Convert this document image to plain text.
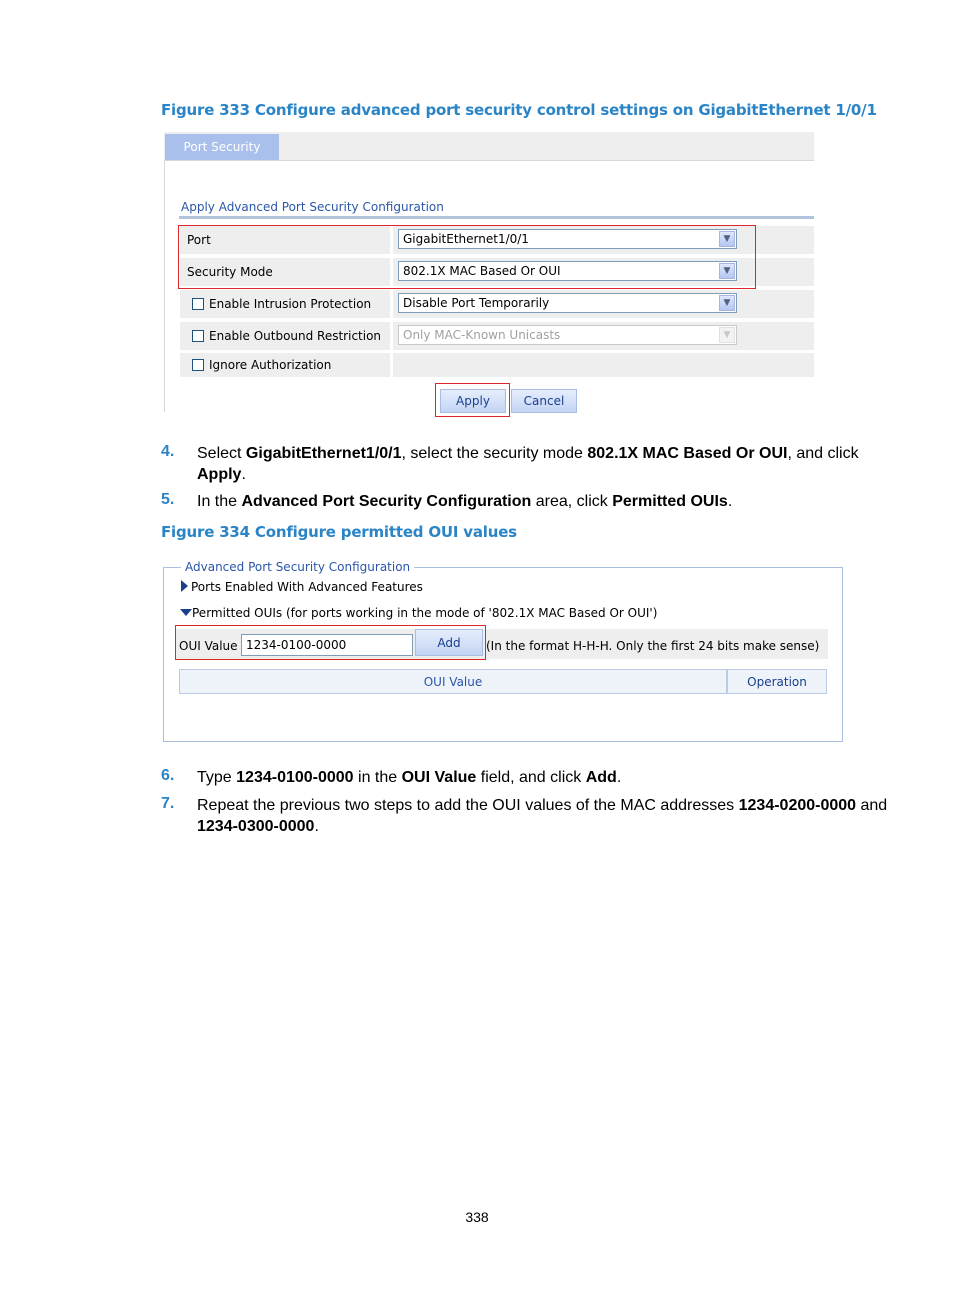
Figure 333 Configure advanced port security control settings on GigabitEthernet 1/0/1
Port Security
Apply Advanced Port Security Configuration
Port	GigabitEthernet1/0/1	▼
Security Mode	802.1X MAC Based Or OUI	▼
Enable Intrusion Protection	Disable Port Temporarily	▼
Enable Outbound Restriction	Only MAC-Known Unicasts	▼
Ignore Authorization
Apply	Cancel
4. Select GigabitEthernet1/0/1, select the security mode 802.1X MAC Based Or OUI, and click
Apply.
5. In the Advanced Port Security Configuration area, click Permitted OUIs.
Figure 334 Configure permitted OUI values
Advanced Port Security Configuration
Ports Enabled With Advanced Features
Permitted OUIs (for ports working in the mode of '802.1X MAC Based Or OUI')
OUI Value 1234-0100-0000	Add	(In the format H-H-H. Only the first 24 bits make sense)
OUI Value	Operation
6. Type 1234-0100-0000 in the OUI Value field, and click Add.
7. Repeat the previous two steps to add the OUI values of the MAC addresses 1234-0200-0000 and
1234-0300-0000.
338
